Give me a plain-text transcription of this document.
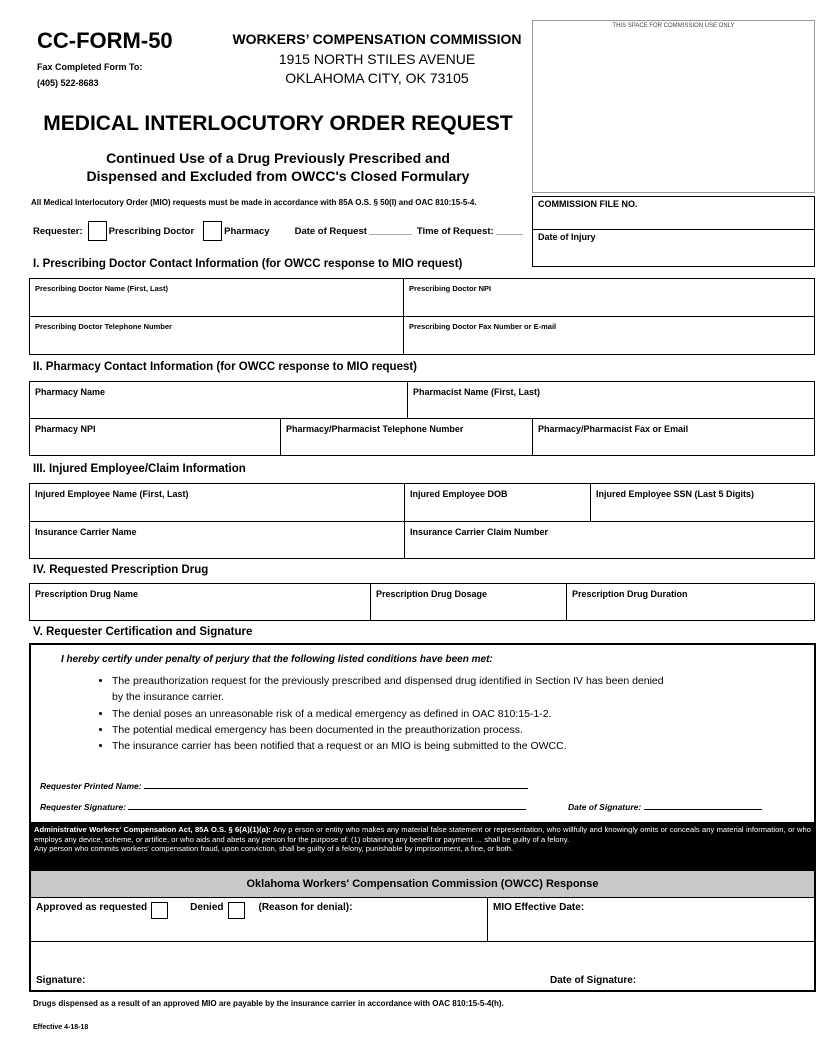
CC-FORM-50
Fax Completed Form To:
(405) 522-8683
WORKERS’ COMPENSATION COMMISSION
1915 NORTH STILES AVENUE
OKLAHOMA CITY, OK 73105
THIS SPACE FOR COMMISSION USE ONLY
MEDICAL INTERLOCUTORY ORDER REQUEST
Continued Use of a Drug Previously Prescribed and
Dispensed and Excluded from OWCC's Closed Formulary
All Medical Interlocutory Order (MIO) requests must be made in accordance with 85A O.S. § 50(I) and OAC 810:15-5-4.	COMMISSION FILE NO.
Date of Injury
Requester:	Prescribing Doctor	Pharmacy	Date of Request ________ Time of Request: _____
I. Prescribing Doctor Contact Information (for OWCC response to MIO request)
Prescribing Doctor Name (First, Last)	Prescribing Doctor NPI
Prescribing Doctor Telephone Number	Prescribing Doctor Fax Number or E-mail
II. Pharmacy Contact Information (for OWCC response to MIO request)
Pharmacy Name	Pharmacist Name (First, Last)
Pharmacy NPI	Pharmacy/Pharmacist Telephone Number	Pharmacy/Pharmacist Fax or Email
III. Injured Employee/Claim Information
Injured Employee Name (First, Last)	Injured Employee DOB	Injured Employee SSN (Last 5 Digits)
Insurance Carrier Name	Insurance Carrier Claim Number
IV. Requested Prescription Drug
Prescription Drug Name	Prescription Drug Dosage	Prescription Drug Duration
V. Requester Certification and Signature
I hereby certify under penalty of perjury that the following listed conditions have been met:
• The preauthorization request for the previously prescribed and dispensed drug identified in Section IV has been denied by the insurance carrier.
• The denial poses an unreasonable risk of a medical emergency as defined in OAC 810:15-1-2.
• The potential medical emergency has been documented in the preauthorization process.
• The insurance carrier has been notified that a request or an MIO is being submitted to the OWCC.
Requester Printed Name:
Requester Signature:	Date of Signature:
Administrative Workers' Compensation Act, 85A O.S. § 6(A)(1)(a): Any p erson or entity who makes any material false statement or representation, who willfully and knowingly omits or conceals any material information, or who employs any device, scheme, or artifice, or who aids and abets any person for the purpose of: (1) obtaining any benefit or payment … shall be guilty of a felony.
Any person who commits workers' compensation fraud, upon conviction, shall be guilty of a felony, punishable by imprisonment, a fine, or both.
Oklahoma Workers' Compensation Commission (OWCC) Response
Approved as requested	Denied	(Reason for denial):	MIO Effective Date:
Signature:	Date of Signature:
Drugs dispensed as a result of an approved MIO are payable by the insurance carrier in accordance with OAC 810:15-5-4(h).
Effective 4-18-18
